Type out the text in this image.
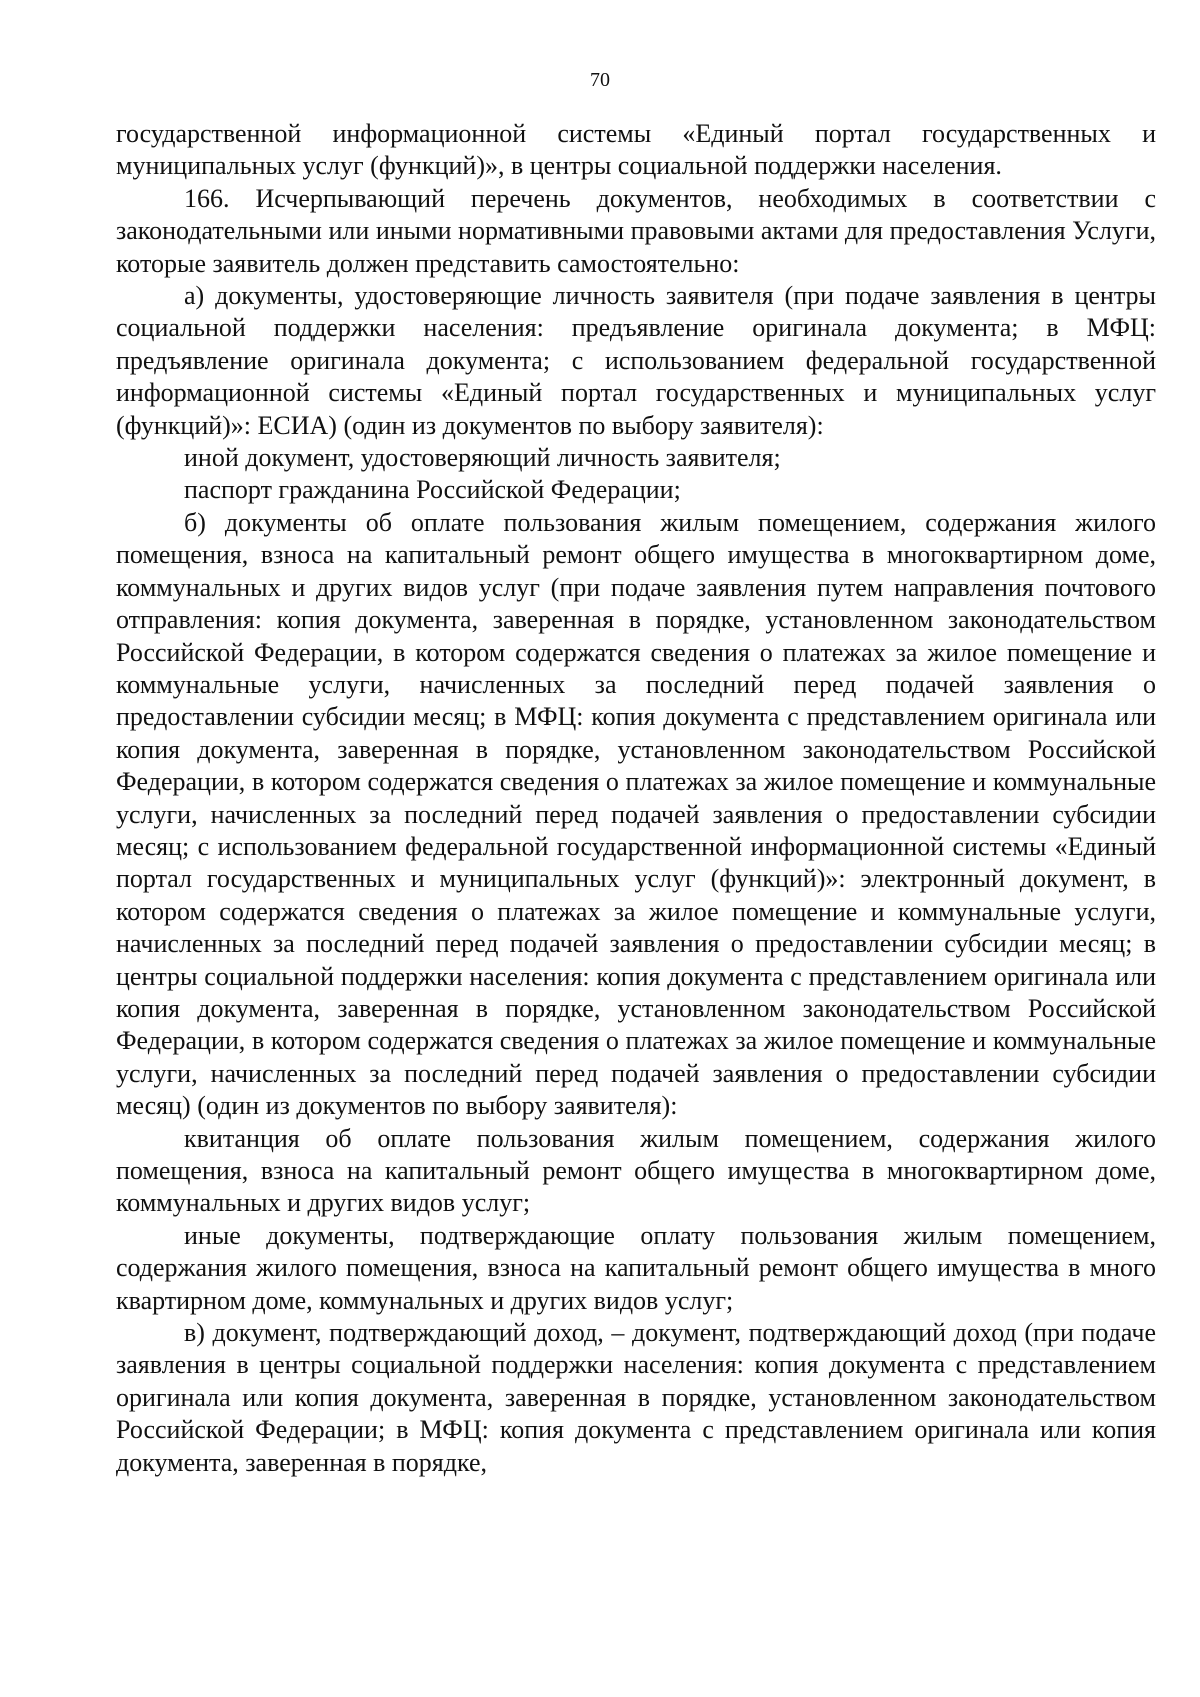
70

государственной информационной системы «Единый портал государственных и муниципальных услуг (функций)», в центры социальной поддержки населения.

166. Исчерпывающий перечень документов, необходимых в соответствии с законодательными или иными нормативными правовыми актами для предоставления Услуги, которые заявитель должен представить самостоятельно:

а) документы, удостоверяющие личность заявителя (при подаче заявления в центры социальной поддержки населения: предъявление оригинала документа; в МФЦ: предъявление оригинала документа; с использованием федеральной государственной информационной системы «Единый портал государственных и муниципальных услуг (функций)»: ЕСИА) (один из документов по выбору заявителя):

иной документ, удостоверяющий личность заявителя;

паспорт гражданина Российской Федерации;

б) документы об оплате пользования жилым помещением, содержания жилого помещения, взноса на капитальный ремонт общего имущества в многоквартирном доме, коммунальных и других видов услуг (при подаче заявления путем направления почтового отправления: копия документа, заверенная в порядке, установленном законодательством Российской Федерации, в котором содержатся сведения о платежах за жилое помещение и коммунальные услуги, начисленных за последний перед подачей заявления о предоставлении субсидии месяц; в МФЦ: копия документа с представлением оригинала или копия документа, заверенная в порядке, установленном законодательством Российской Федерации, в котором содержатся сведения о платежах за жилое помещение и коммунальные услуги, начисленных за последний перед подачей заявления о предоставлении субсидии месяц; с использованием федеральной государственной информационной системы «Единый портал государственных и муниципальных услуг (функций)»: электронный документ, в котором содержатся сведения о платежах за жилое помещение и коммунальные услуги, начисленных за последний перед подачей заявления о предоставлении субсидии месяц; в центры социальной поддержки населения: копия документа с представлением оригинала или копия документа, заверенная в порядке, установленном законодательством Российской Федерации, в котором содержатся сведения о платежах за жилое помещение и коммунальные услуги, начисленных за последний перед подачей заявления о предоставлении субсидии месяц) (один из документов по выбору заявителя):

квитанция об оплате пользования жилым помещением, содержания жилого помещения, взноса на капитальный ремонт общего имущества в многоквартирном доме, коммунальных и других видов услуг;

иные документы, подтверждающие оплату пользования жилым помещением, содержания жилого помещения, взноса на капитальный ремонт общего имущества в много квартирном доме, коммунальных и других видов услуг;

в) документ, подтверждающий доход, – документ, подтверждающий доход (при подаче заявления в центры социальной поддержки населения: копия документа с представлением оригинала или копия документа, заверенная в порядке, установленном законодательством Российской Федерации; в МФЦ: копия документа с представлением оригинала или копия документа, заверенная в порядке,
